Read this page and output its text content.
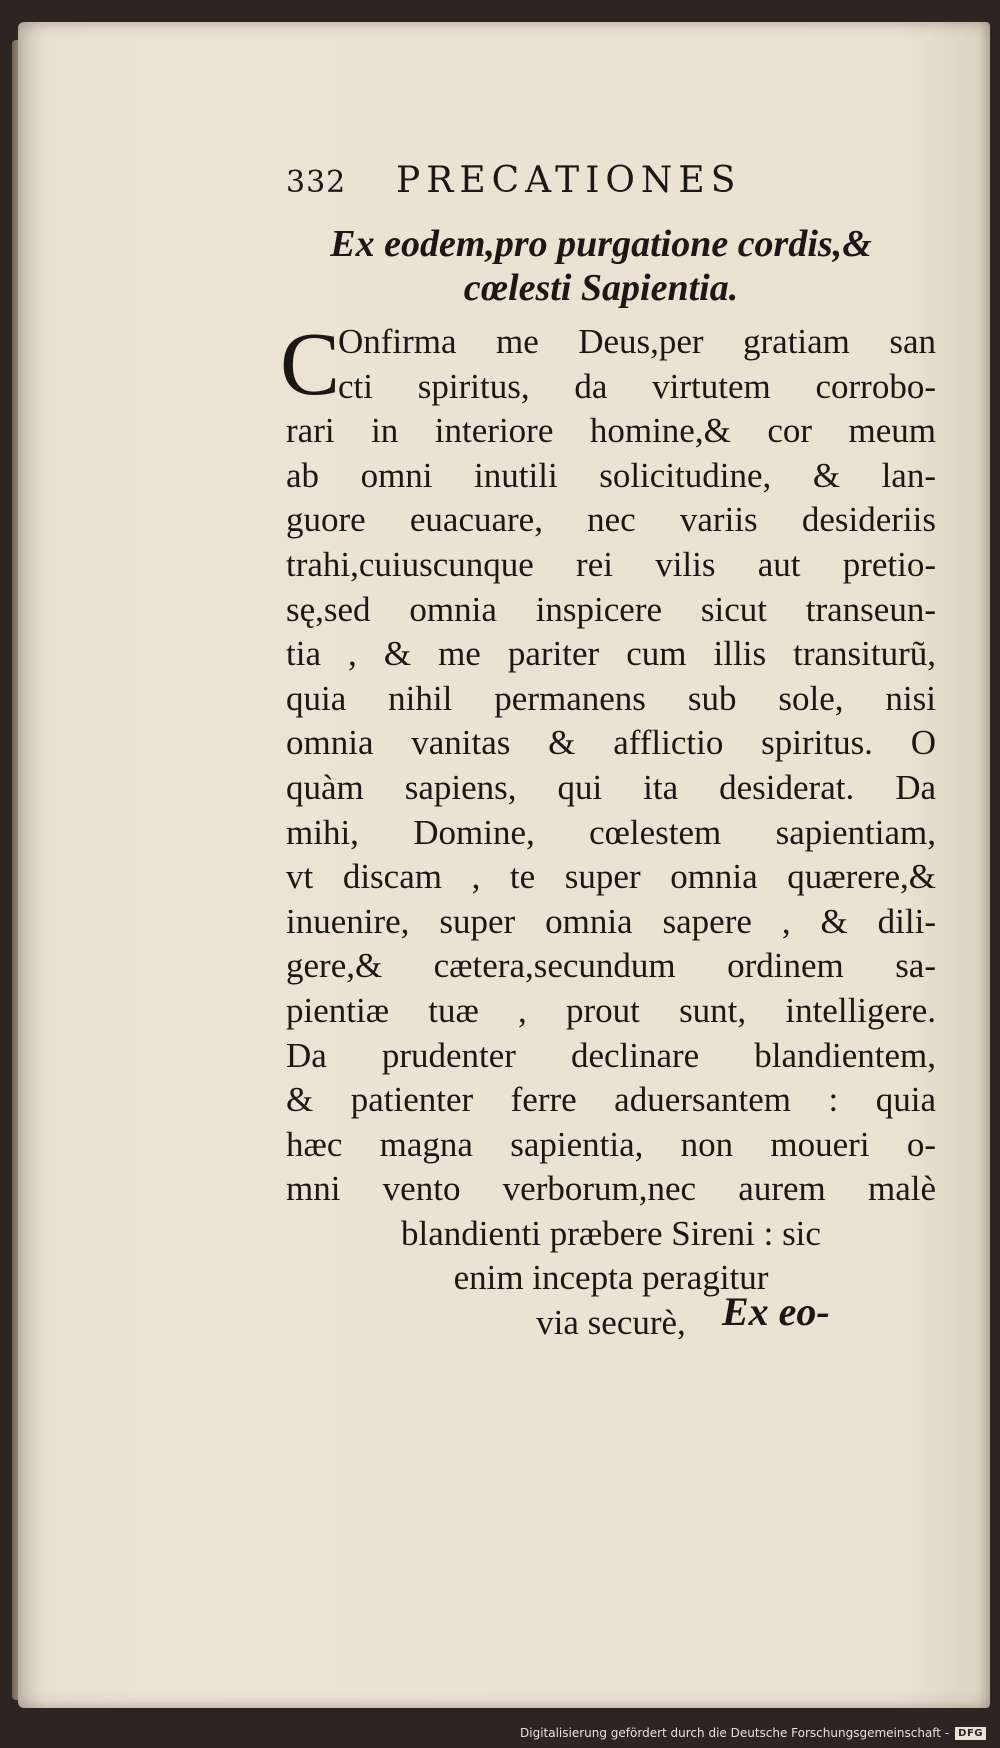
332	PRECATIONES
Ex eodem,pro purgatione cordis,&
cœlesti Sapientia.
C
Onfirma me Deus,per gratiam san
cti spiritus, da virtutem corrobo-
rari in interiore homine,& cor meum
ab omni inutili solicitudine, & lan-
guore euacuare, nec variis desideriis
trahi,cuiuscunque rei vilis aut pretio-
sę,sed omnia inspicere sicut transeun-
tia , & me pariter cum illis transiturũ,
quia nihil permanens sub sole, nisi
omnia vanitas & afflictio spiritus. O
quàm sapiens, qui ita desiderat. Da
mihi, Domine, cœlestem sapientiam,
vt discam , te super omnia quærere,&
inuenire, super omnia sapere , & dili-
gere,& cætera,secundum ordinem sa-
pientiæ tuæ , prout sunt, intelligere.
Da prudenter declinare blandientem,
& patienter ferre aduersantem : quia
hæc magna sapientia, non moueri o-
mni vento verborum,nec aurem malè
blandienti præbere Sireni : sic
enim incepta peragitur
via securè, Ex eo-
Digitalisierung gefördert durch die Deutsche Forschungsgemeinschaft - DFG
